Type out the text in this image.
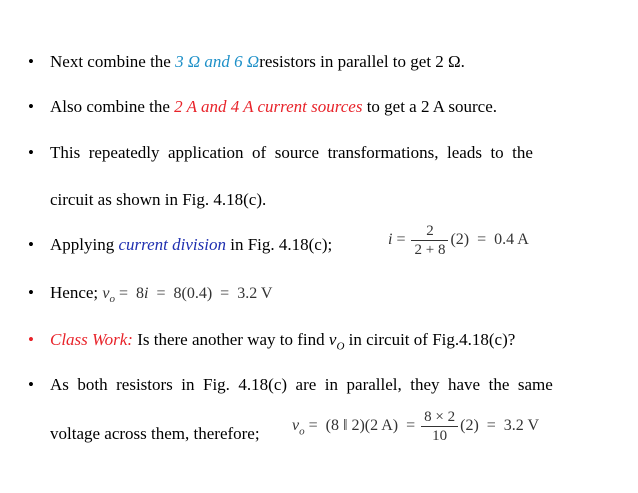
• Next combine the 3 Ω and 6 Ωresistors in parallel to get 2 Ω.
• Also combine the 2 A and 4 A current sources to get a 2 A source.
• This  repeatedly  application  of  source  transformations,  leads  to  the
circuit as shown in Fig. 4.18(c).
• Applying current division in Fig. 4.18(c);	$i = \frac{2}{2 + 8} (2) = 0.4$ A
• Hence; $v_o = 8i = 8(0.4) = 3.2$ V
• Class Work: Is there another way to find $v_O$ in circuit of Fig.4.18(c)?
• As  both  resistors  in  Fig.  4.18(c)  are  in  parallel,  they  have  the  same
voltage across them, therefore; $v_o = (8$ ‖ 2)(2 $A) = \frac{8 \times 2}{10} (2) = 3.2$ V
